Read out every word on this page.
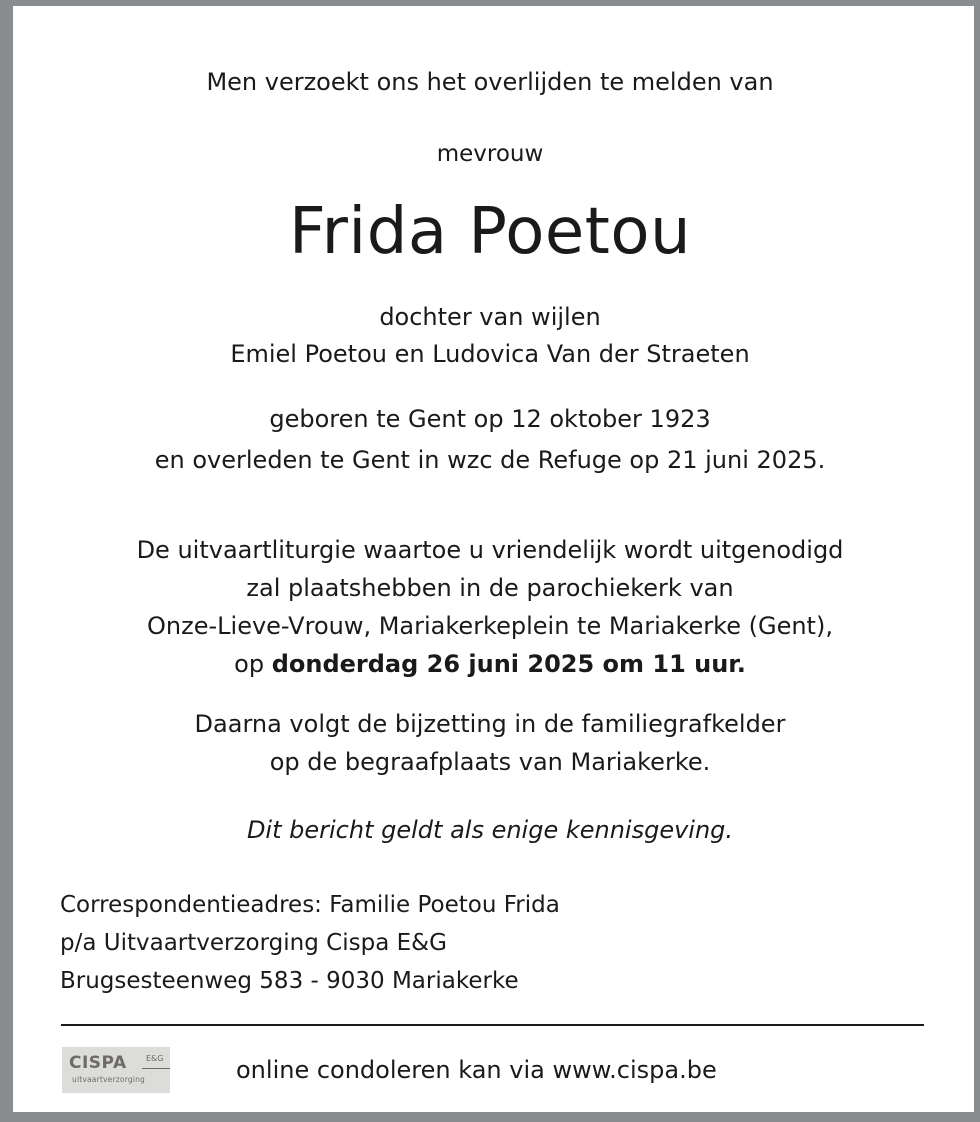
Men verzoekt ons het overlijden te melden van
mevrouw
Frida Poetou
dochter van wijlen
Emiel Poetou en Ludovica Van der Straeten
geboren te Gent op 12 oktober 1923
en overleden te Gent in wzc de Refuge op 21 juni 2025.
De uitvaartliturgie waartoe u vriendelijk wordt uitgenodigd
zal plaatshebben in de parochiekerk van
Onze-Lieve-Vrouw, Mariakerkeplein te Mariakerke (Gent),
op donderdag 26 juni 2025 om 11 uur.
Daarna volgt de bijzetting in de familiegrafkelder
op de begraafplaats van Mariakerke.
Dit bericht geldt als enige kennisgeving.
Correspondentieadres: Familie Poetou Frida
p/a Uitvaartverzorging Cispa E&G
Brugsesteenweg 583 - 9030 Mariakerke
CISPA E&G
uitvaartverzorging	online condoleren kan via www.cispa.be
